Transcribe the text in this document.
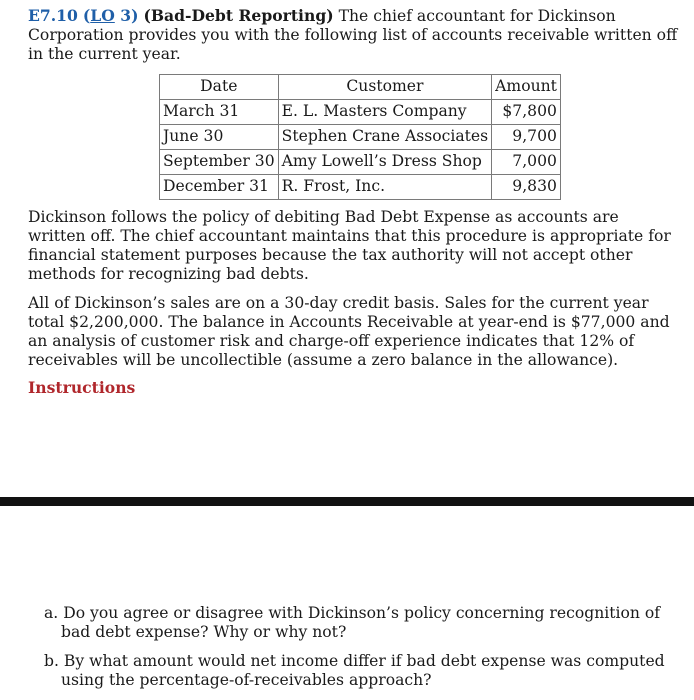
E7.10 (LO 3) (Bad-Debt Reporting) The chief accountant for Dickinson Corporation provides you with the following list of accounts receivable written off in the current year.

Date	Customer	Amount
March 31	E. L. Masters Company	$7,800
June 30	Stephen Crane Associates	9,700
September 30	Amy Lowell’s Dress Shop	7,000
December 31	R. Frost, Inc.	9,830

Dickinson follows the policy of debiting Bad Debt Expense as accounts are written off. The chief accountant maintains that this procedure is appropriate for financial statement purposes because the tax authority will not accept other methods for recognizing bad debts.

All of Dickinson’s sales are on a 30-day credit basis. Sales for the current year total $2,200,000. The balance in Accounts Receivable at year-end is $77,000 and an analysis of customer risk and charge-off experience indicates that 12% of receivables will be uncollectible (assume a zero balance in the allowance).

Instructions

a. Do you agree or disagree with Dickinson’s policy concerning recognition of bad debt expense? Why or why not?

b. By what amount would net income differ if bad debt expense was computed using the percentage-of-receivables approach?
